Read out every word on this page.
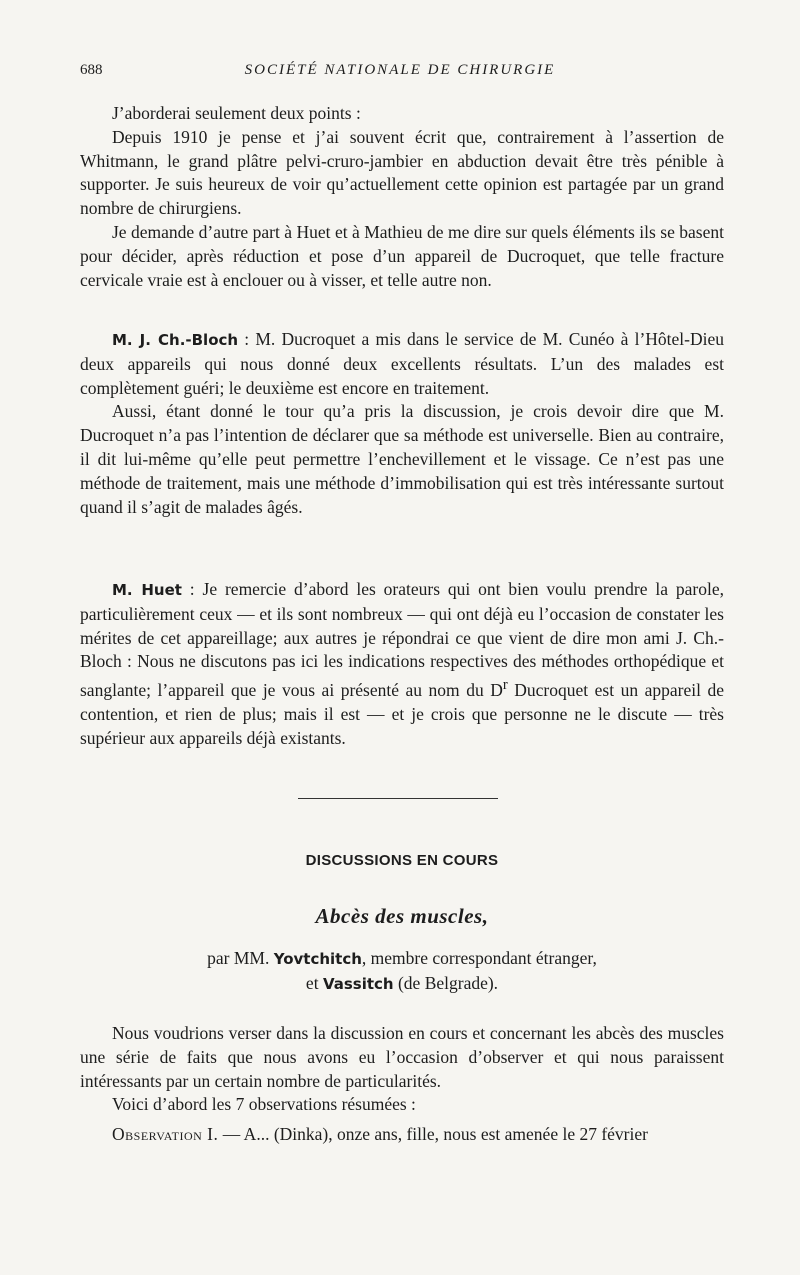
688	SOCIÉTÉ NATIONALE DE CHIRURGIE

J’aborderai seulement deux points :

Depuis 1910 je pense et j’ai souvent écrit que, contrairement à l’assertion de Whitmann, le grand plâtre pelvi-cruro-jambier en abduction devait être très pénible à supporter. Je suis heureux de voir qu’actuellement cette opinion est partagée par un grand nombre de chirurgiens.

Je demande d’autre part à Huet et à Mathieu de me dire sur quels éléments ils se basent pour décider, après réduction et pose d’un appareil de Ducroquet, que telle fracture cervicale vraie est à enclouer ou à visser, et telle autre non.

M. J. Ch.-Bloch : M. Ducroquet a mis dans le service de M. Cunéo à l’Hôtel-Dieu deux appareils qui nous donné deux excellents résultats. L’un des malades est complètement guéri; le deuxième est encore en traitement.

Aussi, étant donné le tour qu’a pris la discussion, je crois devoir dire que M. Ducroquet n’a pas l’intention de déclarer que sa méthode est universelle. Bien au contraire, il dit lui-même qu’elle peut permettre l’enchevillement et le vissage. Ce n’est pas une méthode de traitement, mais une méthode d’immobilisation qui est très intéressante surtout quand il s’agit de malades âgés.

M. Huet : Je remercie d’abord les orateurs qui ont bien voulu prendre la parole, particulièrement ceux — et ils sont nombreux — qui ont déjà eu l’occasion de constater les mérites de cet appareillage; aux autres je répondrai ce que vient de dire mon ami J. Ch.-Bloch : Nous ne discutons pas ici les indications respectives des méthodes orthopédique et sanglante; l’appareil que je vous ai présenté au nom du $D^r$ Ducroquet est un appareil de contention, et rien de plus; mais il est — et je crois que personne ne le discute — très supérieur aux appareils déjà existants.

DISCUSSIONS EN COURS
Abcès des muscles,
par MM. Yovtchitch, membre correspondant étranger,
et Vassitch (de Belgrade).

Nous voudrions verser dans la discussion en cours et concernant les abcès des muscles une série de faits que nous avons eu l’occasion d’observer et qui nous paraissent intéressants par un certain nombre de particularités.

Voici d’abord les 7 observations résumées :

Observation I. — A... (Dinka), onze ans, fille, nous est amenée le 27 février
